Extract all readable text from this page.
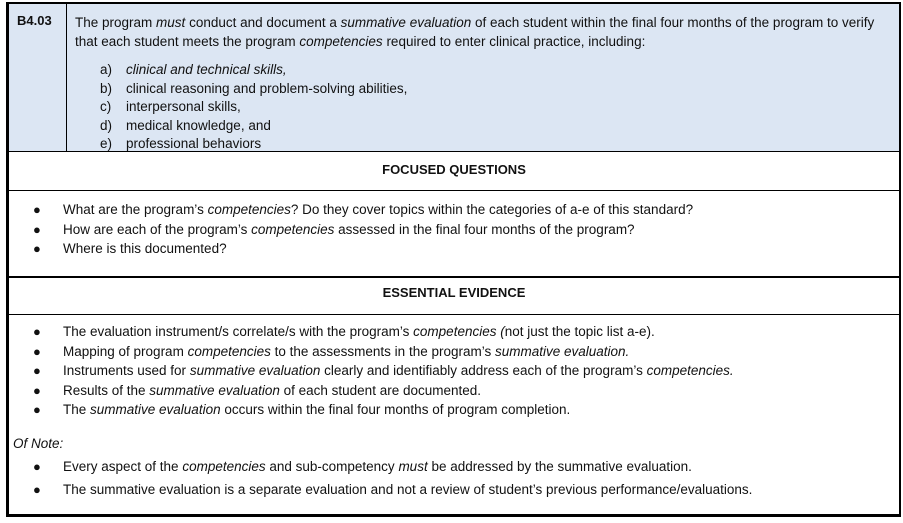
B4.03	The program must conduct and document a summative evaluation of each student within the final four months of the program to verify that each student meets the program competencies required to enter clinical practice, including:
a)	clinical and technical skills,
b)	clinical reasoning and problem-solving abilities,
c)	interpersonal skills,
d)	medical knowledge, and
e)	professional behaviors
FOCUSED QUESTIONS
●	What are the program’s competencies? Do they cover topics within the categories of a-e of this standard?
●	How are each of the program’s competencies assessed in the final four months of the program?
●	Where is this documented?
ESSENTIAL EVIDENCE
●	The evaluation instrument/s correlate/s with the program’s competencies (not just the topic list a-e).
●	Mapping of program competencies to the assessments in the program’s summative evaluation.
●	Instruments used for summative evaluation clearly and identifiably address each of the program’s competencies.
●	Results of the summative evaluation of each student are documented.
●	The summative evaluation occurs within the final four months of program completion.
Of Note:
●	Every aspect of the competencies and sub-competency must be addressed by the summative evaluation.
●	The summative evaluation is a separate evaluation and not a review of student’s previous performance/evaluations.
